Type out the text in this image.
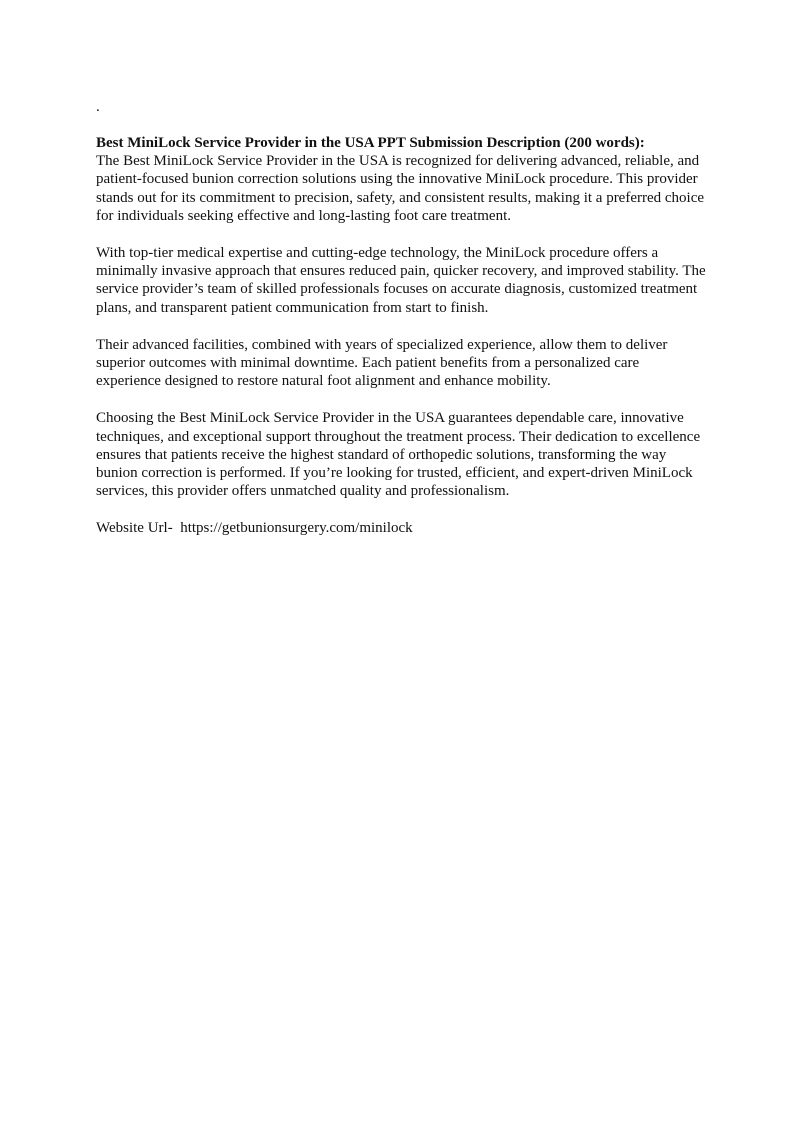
.
Best MiniLock Service Provider in the USA PPT Submission Description (200 words):

The Best MiniLock Service Provider in the USA is recognized for delivering advanced, reliable, and patient-focused bunion correction solutions using the innovative MiniLock procedure. This provider stands out for its commitment to precision, safety, and consistent results, making it a preferred choice for individuals seeking effective and long-lasting foot care treatment.

With top-tier medical expertise and cutting-edge technology, the MiniLock procedure offers a minimally invasive approach that ensures reduced pain, quicker recovery, and improved stability. The service provider’s team of skilled professionals focuses on accurate diagnosis, customized treatment plans, and transparent patient communication from start to finish.

Their advanced facilities, combined with years of specialized experience, allow them to deliver superior outcomes with minimal downtime. Each patient benefits from a personalized care experience designed to restore natural foot alignment and enhance mobility.

Choosing the Best MiniLock Service Provider in the USA guarantees dependable care, innovative techniques, and exceptional support throughout the treatment process. Their dedication to excellence ensures that patients receive the highest standard of orthopedic solutions, transforming the way bunion correction is performed. If you’re looking for trusted, efficient, and expert-driven MiniLock services, this provider offers unmatched quality and professionalism.

Website Url- https://getbunionsurgery.com/minilock
